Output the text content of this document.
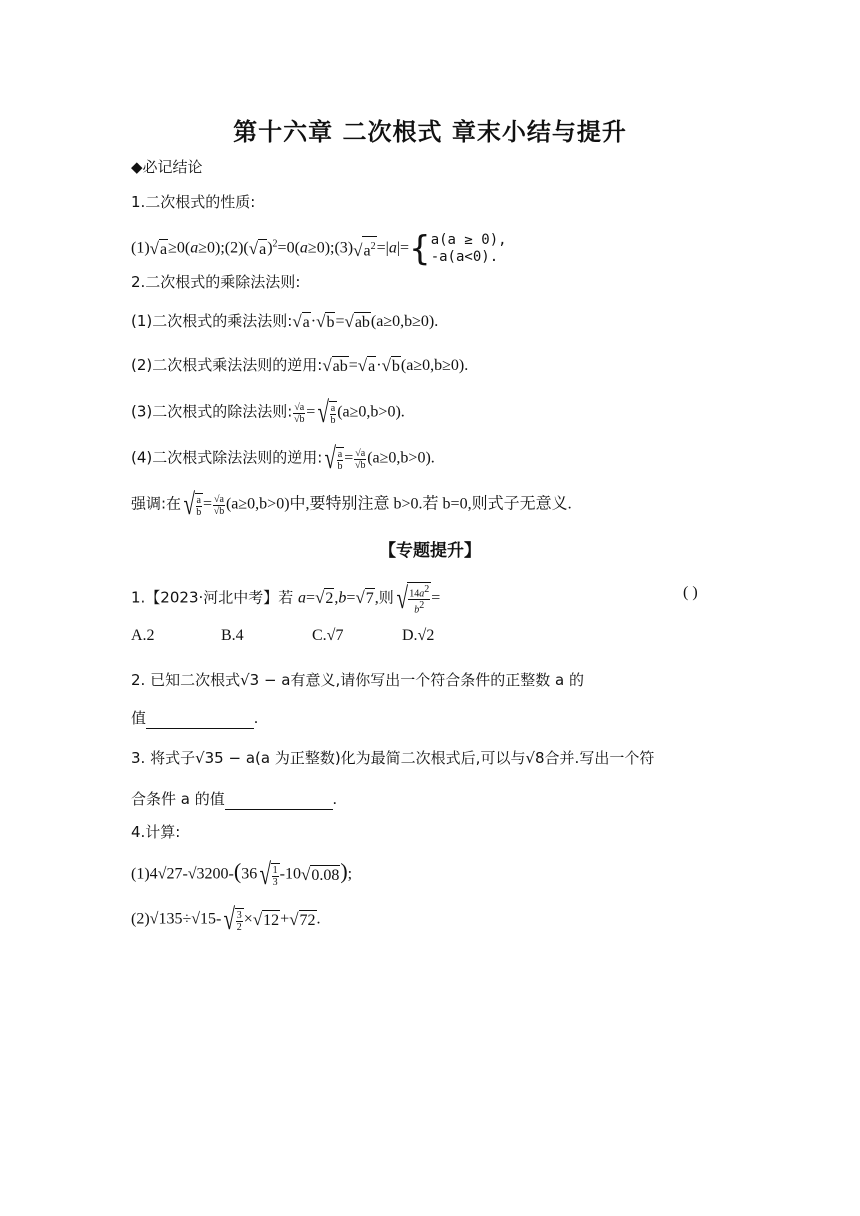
第十六章 二次根式 章末小结与提升
◆必记结论
1.二次根式的性质:
$(1)√a\ge 0(a\ge 0);(2)(√a)^2=0(a\ge 0);(3)√a^2=|a|=$ { a(a ≥ 0),
-a(a<0).
2.二次根式的乘除法法则:
(1)二次根式的乘法法则:√a·√b=√ab(a≥0,b≥0).
(2)二次根式乘法法则的逆用:√ab=√a·√b(a≥0,b≥0).
(3)二次根式的除法法则: $\frac{√a}{√b}$ = √ $\frac{a}{b} (a\ge 0,b>0)$.
(4)二次根式除法法则的逆用: √ $\frac{a}{b} = \frac{√a}{√b} (a\ge 0,b>0)$.
强调:在 √ $\frac{a}{b} = \frac{√a}{√b} (a\ge 0,b>0)$中,要特别注意 b>0.若 b=0,则式子无意义.
【专题提升】
1.【2023·河北中考】若 a=√2,b=√7,则 √ $\frac{14a^2}{b^2}$ =	( )
A.2	B.4	C.√7	D.√2
2. 已知二次根式√3 − a有意义,请你写出一个符合条件的正整数 a 的
值	.
3. 将式子√35 − a(a 为正整数)化为最简二次根式后,可以与√8合并.写出一个符
合条件 a 的值	.
4.计算:
(1)4√27-√3200-(36 √ $\frac{1}{3} -10√0.08$);
(2)√135÷√15- √ $\frac{3}{2} \times√12+√72$.
